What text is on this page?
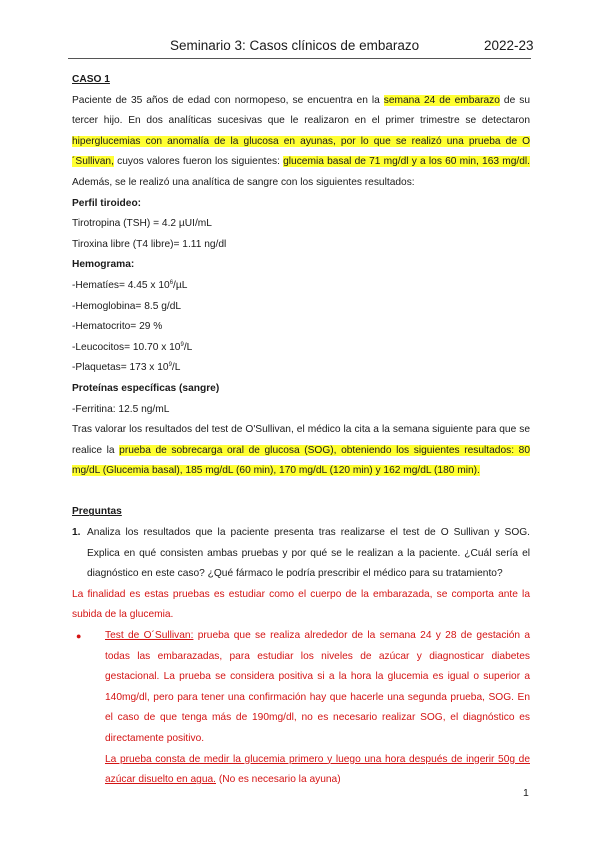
Seminario 3: Casos clínicos de embarazo	2022-23

CASO 1

Paciente de 35 años de edad con normopeso, se encuentra en la semana 24 de embarazo de su tercer hijo. En dos analíticas sucesivas que le realizaron en el primer trimestre se detectaron hiperglucemias con anomalía de la glucosa en ayunas, por lo que se realizó una prueba de O´Sullivan, cuyos valores fueron los siguientes: glucemia basal de 71 mg/dl y a los 60 min, 163 mg/dl. Además, se le realizó una analítica de sangre con los siguientes resultados:

Perfil tiroideo:

Tirotropina (TSH) = 4.2 µUI/mL

Tiroxina libre (T4 libre)= 1.11 ng/dl

Hemograma:

-Hematíes= 4.45 x $10^6/\mu L$

-Hemoglobina= 8.5 g/dL

-Hematocrito= 29 %

-Leucocitos= 10.70 x $10^9/L$

-Plaquetas= 173 x $10^9/L$

Proteínas específicas (sangre)

-Ferritina: 12.5 ng/mL

Tras valorar los resultados del test de O'Sullivan, el médico la cita a la semana siguiente para que se realice la prueba de sobrecarga oral de glucosa (SOG), obteniendo los siguientes resultados: 80 mg/dL (Glucemia basal), 185 mg/dL (60 min), 170 mg/dL (120 min) y 162 mg/dL (180 min).

Preguntas

1. Analiza los resultados que la paciente presenta tras realizarse el test de O Sullivan y SOG. Explica en qué consisten ambas pruebas y por qué se le realizan a la paciente. ¿Cuál sería el diagnóstico en este caso? ¿Qué fármaco le podría prescribir el médico para su tratamiento?

La finalidad es estas pruebas es estudiar como el cuerpo de la embarazada, se comporta ante la subida de la glucemia.

● Test de O´Sullivan: prueba que se realiza alrededor de la semana 24 y 28 de gestación a todas las embarazadas, para estudiar los niveles de azúcar y diagnosticar diabetes gestacional. La prueba se considera positiva si a la hora la glucemia es igual o superior a 140mg/dl, pero para tener una confirmación hay que hacerle una segunda prueba, SOG. En el caso de que tenga más de 190mg/dl, no es necesario realizar SOG, el diagnóstico es directamente positivo.
La prueba consta de medir la glucemia primero y luego una hora después de ingerir 50g de azúcar disuelto en agua. (No es necesario la ayuna)
1
